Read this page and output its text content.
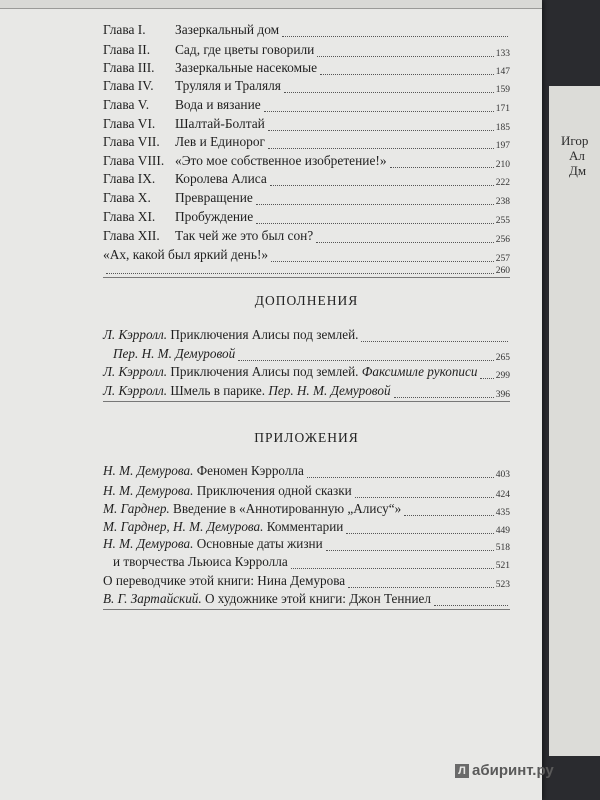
Глава I.	Зазеркальный дом
Глава II.	Сад, где цветы говорили	133
Глава III.	Зазеркальные насекомые	147
Глава IV.	Труляля и Траляля	159
Глава V.	Вода и вязание	171
Глава VI.	Шалтай-Болтай	185
Глава VII.	Лев и Единорог	197
Глава VIII. «Это мое собственное изобретение!»	210
Глава IX.	Королева Алиса	222
Глава X.	Превращение	238
Глава XI.	Пробуждение	255
Глава XII.	Так чей же это был сон?	256
«Ах, какой был яркий день!»	257
260
ДОПОЛНЕНИЯ
Л. Кэрролл. Приключения Алисы под землей.
Пер. Н. М. Демуровой	265
Л. Кэрролл. Приключения Алисы под землей. Факсимиле рукописи 299
Л. Кэрролл. Шмель в парике. Пер. Н. М. Демуровой	396
ПРИЛОЖЕНИЯ
Н. М. Демурова. Феномен Кэрролла	403
Н. М. Демурова. Приключения одной сказки	424
М. Гарднер. Введение в «Аннотированную „Алису“»	435
М. Гарднер, Н. М. Демурова. Комментарии	449
Н. М. Демурова. Основные даты жизни	518
и творчества Льюиса Кэрролла	521
О переводчике этой книги: Нина Демурова	523
В. Г. Зартайский. О художнике этой книги: Джон Тенниел
Игор
Ал
Дм
Л абиринт.ру
